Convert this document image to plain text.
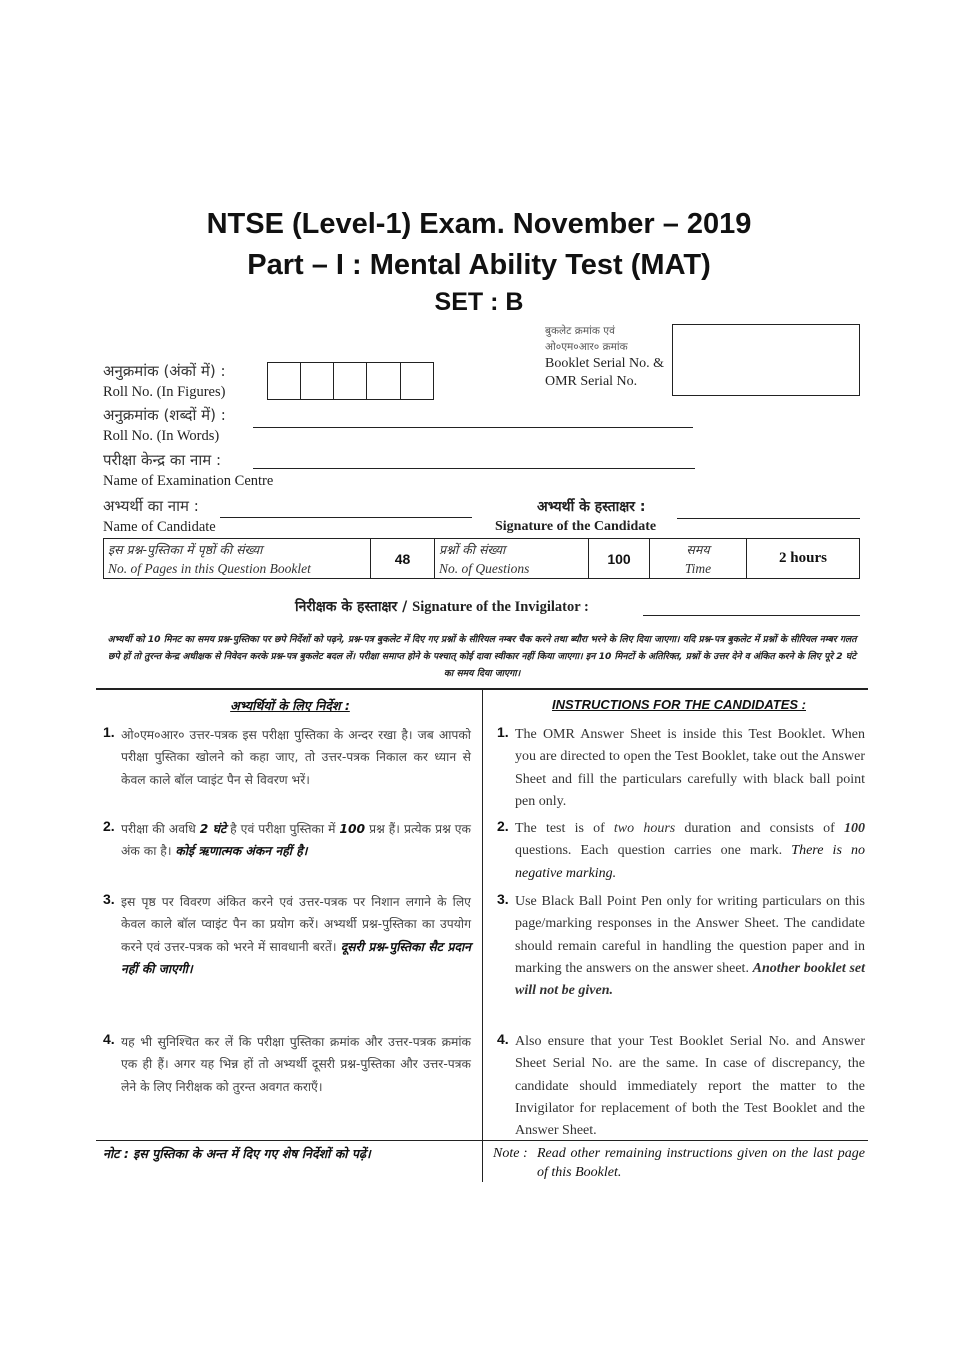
NTSE (Level-1) Exam. November – 2019
Part – I : Mental Ability Test (MAT)
SET : B
बुकलेट क्रमांक एवं
ओ०एम०आर० क्रमांक
Booklet Serial No. &
OMR Serial No.
अनुक्रमांक (अंकों में) :
Roll No. (In Figures)
अनुक्रमांक (शब्दों में) :
Roll No. (In Words)
परीक्षा केन्द्र का नाम :
Name of Examination Centre
अभ्यर्थी का नाम :
Name of Candidate
अभ्यर्थी के हस्ताक्षर :
Signature of the Candidate
इस प्रश्न-पुस्तिका में पृष्ठों की संख्या
No. of Pages in this Question Booklet
	48	
प्रश्नों की संख्या
No. of Questions
	100	
समय
Time
	2 hours
निरीक्षक के हस्ताक्षर / Signature of the Invigilator :
अभ्यर्थी को 10 मिनट का समय प्रश्न-पुस्तिका पर छपे निर्देशों को पढ़ने, प्रश्न-पत्र बुकलेट में दिए गए प्रश्नों के सीरियल नम्बर चैक करने तथा ब्यौरा भरने के लिए दिया जाएगा। यदि प्रश्न-पत्र बुकलेट में प्रश्नों के सीरियल नम्बर गलत छपे हों तो तुरन्त केन्द्र अधीक्षक से निवेदन करके प्रश्न-पत्र बुकलेट बदल लें। परीक्षा समाप्त होने के पश्चात् कोई दावा स्वीकार नहीं किया जाएगा। इन 10 मिनटों के अतिरिक्त, प्रश्नों के उत्तर देने व अंकित करने के लिए पूरे 2 घंटे का समय दिया जाएगा।
अभ्यर्थियों के लिए निर्देश :	INSTRUCTIONS FOR THE CANDIDATES :
1. ओ०एम०आर० उत्तर-पत्रक इस परीक्षा पुस्तिका के अन्दर रखा है। जब आपको परीक्षा पुस्तिका खोलने को कहा जाए, तो उत्तर-पत्रक निकाल कर ध्यान से केवल काले बॉल प्वाइंट पैन से विवरण भरें।
2. परीक्षा की अवधि 2 घंटे है एवं परीक्षा पुस्तिका में 100 प्रश्न हैं। प्रत्येक प्रश्न एक अंक का है। कोई ऋणात्मक अंकन नहीं है।
3. इस पृष्ठ पर विवरण अंकित करने एवं उत्तर-पत्रक पर निशान लगाने के लिए केवल काले बॉल प्वाइंट पैन का प्रयोग करें। अभ्यर्थी प्रश्न-पुस्तिका का उपयोग करने एवं उत्तर-पत्रक को भरने में सावधानी बरतें। दूसरी प्रश्न-पुस्तिका सैट प्रदान नहीं की जाएगी।
4. यह भी सुनिश्चित कर लें कि परीक्षा पुस्तिका क्रमांक और उत्तर-पत्रक क्रमांक एक ही हैं। अगर यह भिन्न हों तो अभ्यर्थी दूसरी प्रश्न-पुस्तिका और उत्तर-पत्रक लेने के लिए निरीक्षक को तुरन्त अवगत कराएँ।
1. The OMR Answer Sheet is inside this Test Booklet. When you are directed to open the Test Booklet, take out the Answer Sheet and fill the particulars carefully with black ball point pen only.
2. The test is of two hours duration and consists of 100 questions. Each question carries one mark. There is no negative marking.
3. Use Black Ball Point Pen only for writing particulars on this page/marking responses in the Answer Sheet. The candidate should remain careful in handling the question paper and in marking the answers on the answer sheet. Another booklet set will not be given.
4. Also ensure that your Test Booklet Serial No. and Answer Sheet Serial No. are the same. In case of discrepancy, the candidate should immediately report the matter to the Invigilator for replacement of both the Test Booklet and the Answer Sheet.
नोट : इस पुस्तिका के अन्त में दिए गए शेष निर्देशों को पढ़ें।	Note : Read other remaining instructions given on the last page of this Booklet.
